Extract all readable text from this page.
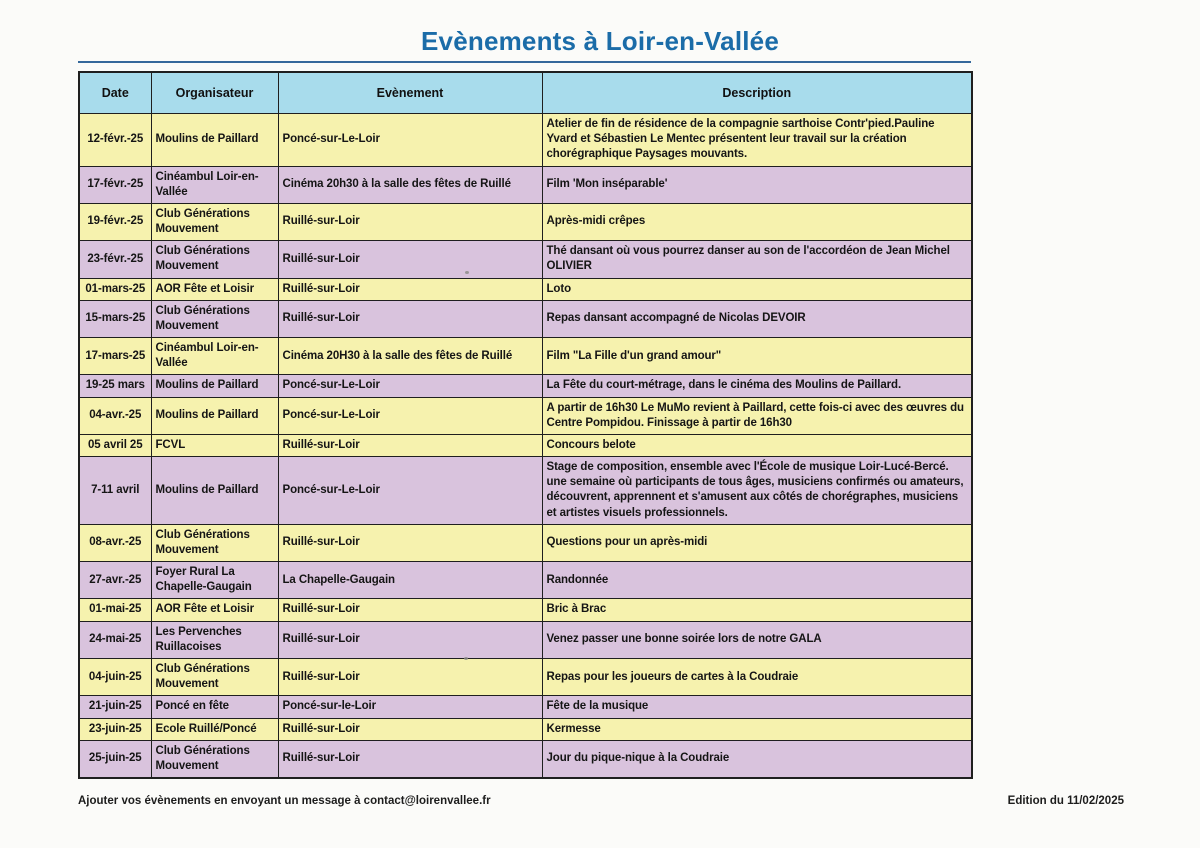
Evènements à Loir-en-Vallée
Date	Organisateur	Evènement	Description
12-févr.-25	Moulins de Paillard	Poncé-sur-Le-Loir	Atelier de fin de résidence de la compagnie sarthoise Contr'pied.Pauline Yvard et Sébastien Le Mentec présentent leur travail sur la création chorégraphique Paysages mouvants.
17-févr.-25	Cinéambul Loir-en-Vallée	Cinéma 20h30 à la salle des fêtes de Ruillé	Film 'Mon inséparable'
19-févr.-25	Club Générations Mouvement	Ruillé-sur-Loir	Après-midi crêpes
23-févr.-25	Club Générations Mouvement	Ruillé-sur-Loir	Thé dansant où vous pourrez danser au son de l'accordéon de Jean Michel OLIVIER
01-mars-25	AOR Fête et Loisir	Ruillé-sur-Loir	Loto
15-mars-25	Club Générations Mouvement	Ruillé-sur-Loir	Repas dansant accompagné de Nicolas DEVOIR
17-mars-25	Cinéambul Loir-en-Vallée	Cinéma 20H30 à la salle des fêtes de Ruillé	Film "La Fille d'un grand amour"
19-25 mars	Moulins de Paillard	Poncé-sur-Le-Loir	La Fête du court-métrage, dans le cinéma des Moulins de Paillard.
04-avr.-25	Moulins de Paillard	Poncé-sur-Le-Loir	A partir de 16h30 Le MuMo revient à Paillard, cette fois-ci avec des œuvres du Centre Pompidou. Finissage à partir de 16h30
05 avril 25	FCVL	Ruillé-sur-Loir	Concours belote
7-11 avril	Moulins de Paillard	Poncé-sur-Le-Loir	Stage de composition, ensemble avec l'École de musique Loir-Lucé-Bercé. une semaine où participants de tous âges, musiciens confirmés ou amateurs, découvrent, apprennent et s'amusent aux côtés de chorégraphes, musiciens et artistes visuels professionnels.
08-avr.-25	Club Générations Mouvement	Ruillé-sur-Loir	Questions pour un après-midi
27-avr.-25	Foyer Rural La Chapelle-Gaugain	La Chapelle-Gaugain	Randonnée
01-mai-25	AOR Fête et Loisir	Ruillé-sur-Loir	Bric à Brac
24-mai-25	Les Pervenches Ruillacoises	Ruillé-sur-Loir	Venez passer une bonne soirée lors de notre GALA
04-juin-25	Club Générations Mouvement	Ruillé-sur-Loir	Repas pour les joueurs de cartes à la Coudraie
21-juin-25	Poncé en fête	Poncé-sur-le-Loir	Fête de la musique
23-juin-25	Ecole Ruillé/Poncé	Ruillé-sur-Loir	Kermesse
25-juin-25	Club Générations Mouvement	Ruillé-sur-Loir	Jour du pique-nique à la Coudraie
Ajouter vos évènements en envoyant un message à contact@loirenvallee.fr	Edition du 11/02/2025
